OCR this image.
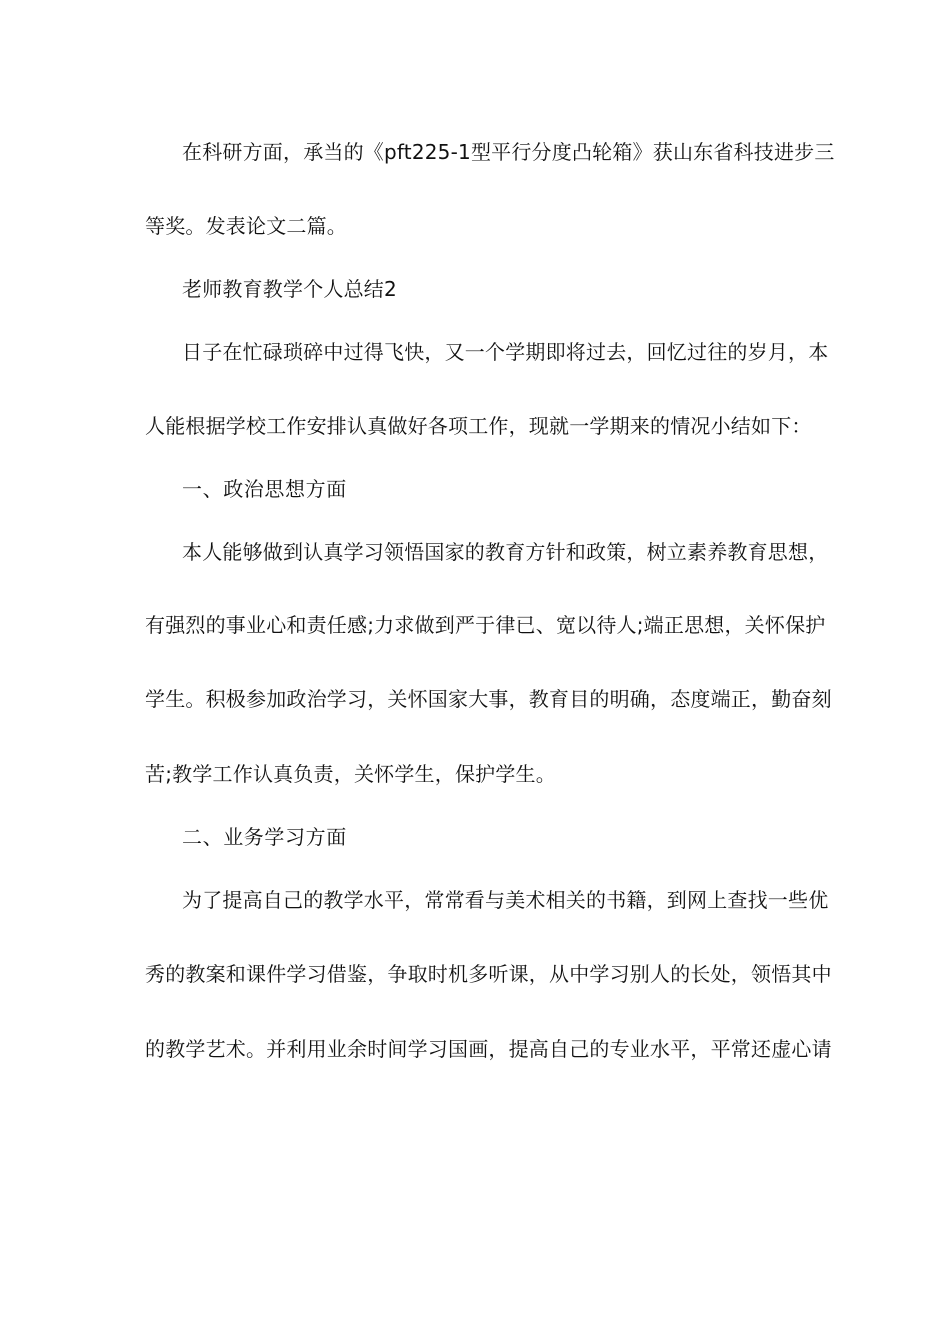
在科研方面，承当的《pft225-1型平行分度凸轮箱》获山东省科技进步三
等奖。发表论文二篇。
老师教育教学个人总结2
日子在忙碌琐碎中过得飞快，又一个学期即将过去，回忆过往的岁月，本
人能根据学校工作安排认真做好各项工作，现就一学期来的情况小结如下：
一、政治思想方面
本人能够做到认真学习领悟国家的教育方针和政策，树立素养教育思想，
有强烈的事业心和责任感;力求做到严于律已、宽以待人;端正思想，关怀保护
学生。积极参加政治学习，关怀国家大事，教育目的明确，态度端正，勤奋刻
苦;教学工作认真负责，关怀学生，保护学生。
二、业务学习方面
为了提高自己的教学水平，常常看与美术相关的书籍，到网上查找一些优
秀的教案和课件学习借鉴，争取时机多听课，从中学习别人的长处，领悟其中
的教学艺术。并利用业余时间学习国画，提高自己的专业水平，平常还虚心请
